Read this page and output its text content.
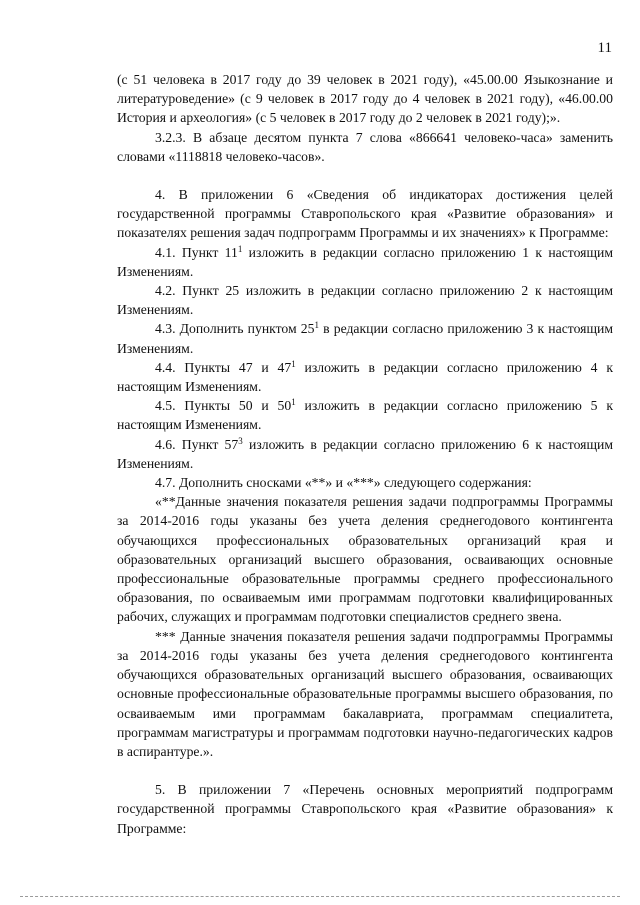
11

(с 51 человека в 2017 году до 39 человек в 2021 году), «45.00.00 Языкознание и литературоведение» (с 9 человек в 2017 году до 4 человек в 2021 году), «46.00.00 История и археология» (с 5 человек в 2017 году до 2 человек в 2021 году);».

3.2.3. В абзаце десятом пункта 7 слова «866641 человеко-часа» заменить словами «1118818 человеко-часов».

4. В приложении 6 «Сведения об индикаторах достижения целей государственной программы Ставропольского края «Развитие образования» и показателях решения задач подпрограмм Программы и их значениях» к Программе:

4.1. Пункт $11^1$ изложить в редакции согласно приложению 1 к настоящим Изменениям.

4.2. Пункт 25 изложить в редакции согласно приложению 2 к настоящим Изменениям.

4.3. Дополнить пунктом $25^1$ в редакции согласно приложению 3 к настоящим Изменениям.

4.4. Пункты 47 и $47^1$ изложить в редакции согласно приложению 4 к настоящим Изменениям.

4.5. Пункты 50 и $50^1$ изложить в редакции согласно приложению 5 к настоящим Изменениям.

4.6. Пункт $57^3$ изложить в редакции согласно приложению 6 к настоящим Изменениям.

4.7. Дополнить сносками «**» и «***» следующего содержания:

«**Данные значения показателя решения задачи подпрограммы Программы за 2014-2016 годы указаны без учета деления среднегодового контингента обучающихся профессиональных образовательных организаций края и образовательных организаций высшего образования, осваивающих основные профессиональные образовательные программы среднего профессионального образования, по осваиваемым ими программам подготовки квалифицированных рабочих, служащих и программам подготовки специалистов среднего звена.

*** Данные значения показателя решения задачи подпрограммы Программы за 2014-2016 годы указаны без учета деления среднегодового контингента обучающихся образовательных организаций высшего образования, осваивающих основные профессиональные образовательные программы высшего образования, по осваиваемым ими программам бакалавриата, программам специалитета, программам магистратуры и программам подготовки научно-педагогических кадров в аспирантуре.».

5. В приложении 7 «Перечень основных мероприятий подпрограмм государственной программы Ставропольского края «Развитие образования» к Программе:
